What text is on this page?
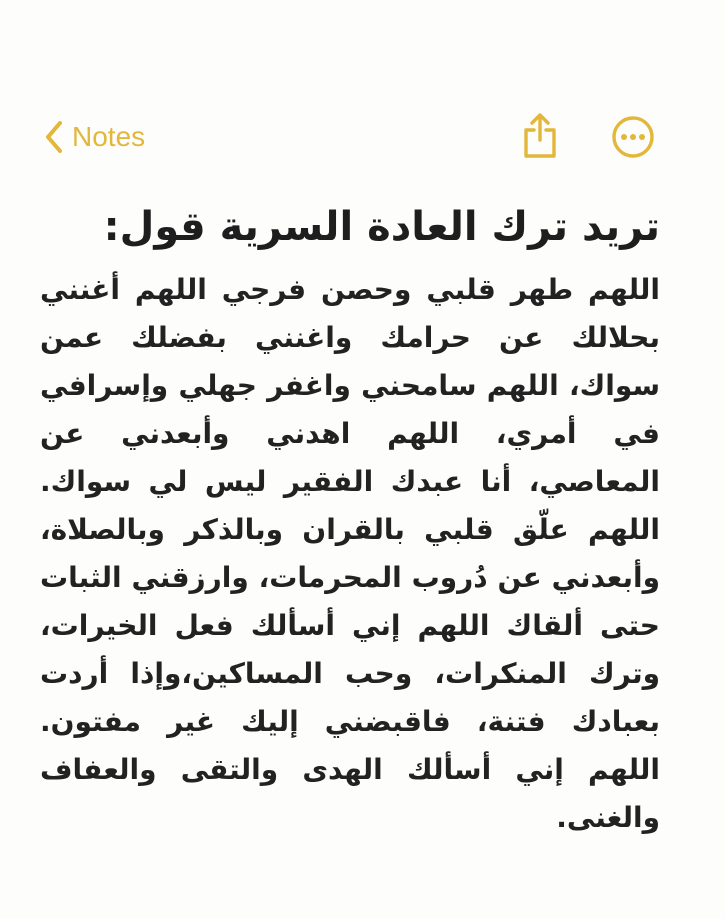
Notes
تريد ترك العادة السرية قول:

اللهم طهر قلبي وحصن فرجي اللهم أغنني بحلالك عن حرامك واغنني بفضلك عمن سواك، اللهم سامحني واغفر جهلي وإسرافي في أمري، اللهم اهدني وأبعدني عن المعاصي، أنا عبدك الفقير ليس لي سواك. اللهم علّق قلبي بالقران وبالذكر وبالصلاة، وأبعدني عن دُروب المحرمات، وارزقني الثبات حتى ألقاك اللهم إني أسألك فعل الخيرات، وترك المنكرات، وحب المساكين،وإذا أردت بعبادك فتنة، فاقبضني إليك غير مفتون. اللهم إني أسألك الهدى والتقى والعفاف والغنى.
